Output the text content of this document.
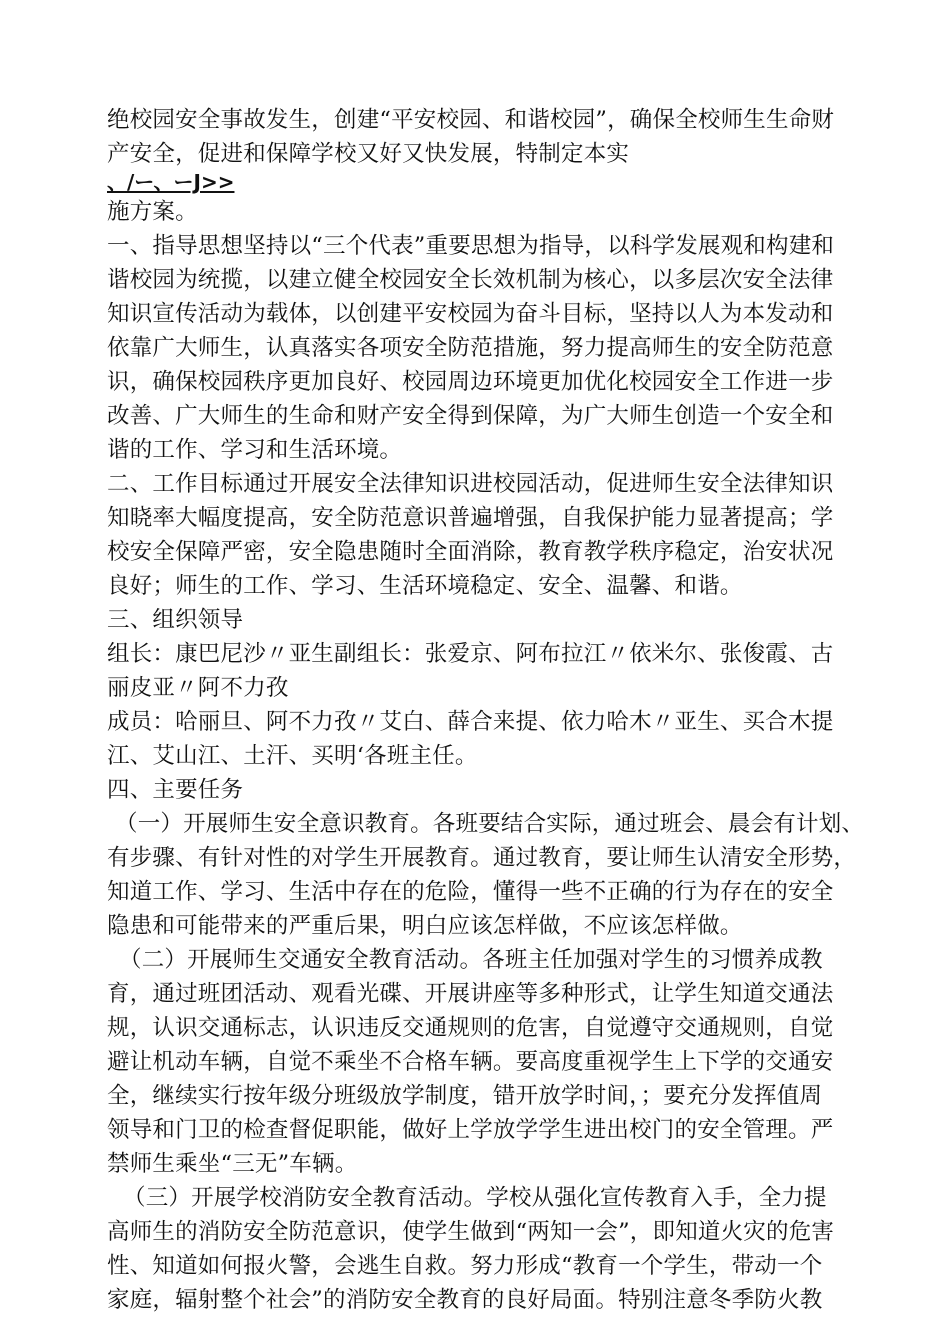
绝校园安全事故发生，创建“平安校园、和谐校园”，确保全校师生生命财
产安全，促进和保障学校又好又快发展，特制定本实
、/ー、ーJ>>
施方案。
一、指导思想坚持以“三个代表”重要思想为指导，以科学发展观和构建和
谐校园为统揽，以建立健全校园安全长效机制为核心，以多层次安全法律
知识宣传活动为载体，以创建平安校园为奋斗目标，坚持以人为本发动和
依靠广大师生，认真落实各项安全防范措施，努力提高师生的安全防范意
识，确保校园秩序更加良好、校园周边环境更加优化校园安全工作进一步
改善、广大师生的生命和财产安全得到保障，为广大师生创造一个安全和
谐的工作、学习和生活环境。
二、工作目标通过开展安全法律知识进校园活动，促进师生安全法律知识
知晓率大幅度提高，安全防范意识普遍增强，自我保护能力显著提高；学
校安全保障严密，安全隐患随时全面消除，教育教学秩序稳定，治安状况
良好；师生的工作、学习、生活环境稳定、安全、温馨、和谐。
三、组织领导
组长：康巴尼沙〃亚生副组长：张爱京、阿布拉江〃依米尔、张俊霞、古
丽皮亚〃阿不力孜
成员：哈丽旦、阿不力孜〃艾白、薛合来提、依力哈木〃亚生、买合木提
江、艾山江、土汗、买明‘各班主任。
四、主要任务
（一）开展师生安全意识教育。各班要结合实际，通过班会、晨会有计划、
有步骤、有针对性的对学生开展教育。通过教育，要让师生认清安全形势，
知道工作、学习、生活中存在的危险，懂得一些不正确的行为存在的安全
隐患和可能带来的严重后果，明白应该怎样做，不应该怎样做。
（二）开展师生交通安全教育活动。各班主任加强对学生的习惯养成教
育，通过班团活动、观看光碟、开展讲座等多种形式，让学生知道交通法
规，认识交通标志，认识违反交通规则的危害，自觉遵守交通规则，自觉
避让机动车辆，自觉不乘坐不合格车辆。要高度重视学生上下学的交通安
全，继续实行按年级分班级放学制度，错开放学时间，；要充分发挥值周
领导和门卫的检查督促职能，做好上学放学学生进出校门的安全管理。严
禁师生乘坐“三无”车辆。
（三）开展学校消防安全教育活动。学校从强化宣传教育入手，全力提
高师生的消防安全防范意识，使学生做到“两知一会”，即知道火灾的危害
性、知道如何报火警，会逃生自救。努力形成“教育一个学生，带动一个
家庭，辐射整个社会”的消防安全教育的良好局面。特别注意冬季防火教
